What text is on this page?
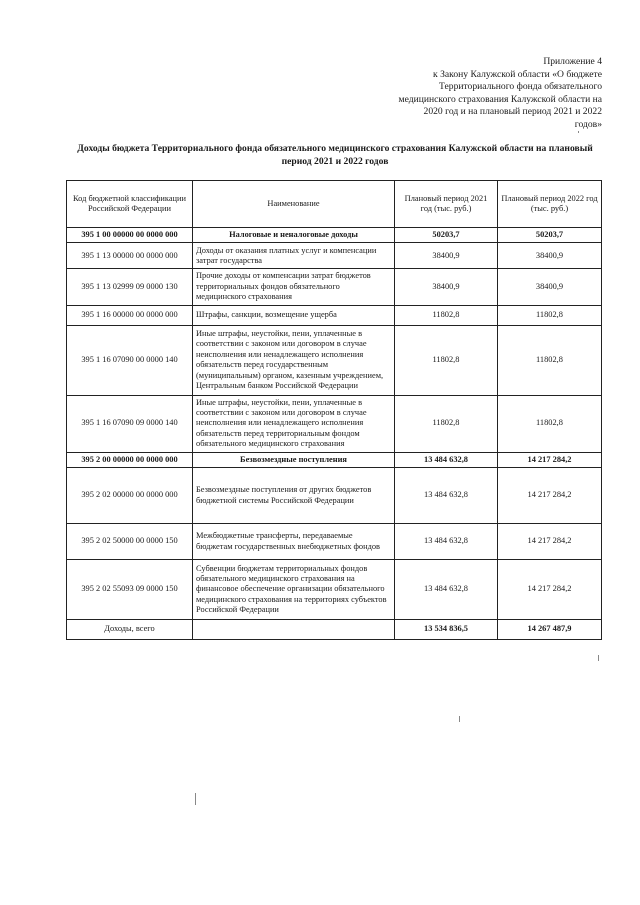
Приложение 4
к Закону Калужской области «О бюджете
Территориального фонда обязательного
медицинского страхования Калужской области на
2020 год и на плановый период 2021 и 2022
годов»
Доходы бюджета Территориального фонда обязательного медицинского страхования Калужской области на плановый
период 2021 и 2022 годов
Код бюджетной классификации Российской Федерации	Наименование	Плановый период 2021 год (тыс. руб.)	Плановый период 2022 год (тыс. руб.)
395 1 00 00000 00 0000 000	Налоговые и неналоговые доходы	50203,7	50203,7
395 1 13 00000 00 0000 000	Доходы от оказания платных услуг и компенсации затрат государства	38400,9	38400,9
395 1 13 02999 09 0000 130	Прочие доходы от компенсации затрат бюджетов территориальных фондов обязательного медицинского страхования	38400,9	38400,9
395 1 16 00000 00 0000 000	Штрафы, санкции, возмещение ущерба	11802,8	11802,8
395 1 16 07090 00 0000 140	Иные штрафы, неустойки, пени, уплаченные в соответствии с законом или договором в случае неисполнения или ненадлежащего исполнения обязательств перед государственным (муниципальным) органом, казенным учреждением, Центральным банком Российской Федерации	11802,8	11802,8
395 1 16 07090 09 0000 140	Иные штрафы, неустойки, пени, уплаченные в соответствии с законом или договором в случае неисполнения или ненадлежащего исполнения обязательств перед территориальным фондом обязательного медицинского страхования	11802,8	11802,8
395 2 00 00000 00 0000 000	Безвозмездные поступления	13 484 632,8	14 217 284,2
395 2 02 00000 00 0000 000	Безвозмездные поступления от других бюджетов бюджетной системы Российской Федерации	13 484 632,8	14 217 284,2
395 2 02 50000 00 0000 150	Межбюджетные трансферты, передаваемые бюджетам государственных внебюджетных фондов	13 484 632,8	14 217 284,2
395 2 02 55093 09 0000 150	Субвенции бюджетам территориальных фондов обязательного медицинского страхования на финансовое обеспечение организации обязательного медицинского страхования на территориях субъектов Российской Федерации	13 484 632,8	14 217 284,2
Доходы, всего		13 534 836,5	14 267 487,9
